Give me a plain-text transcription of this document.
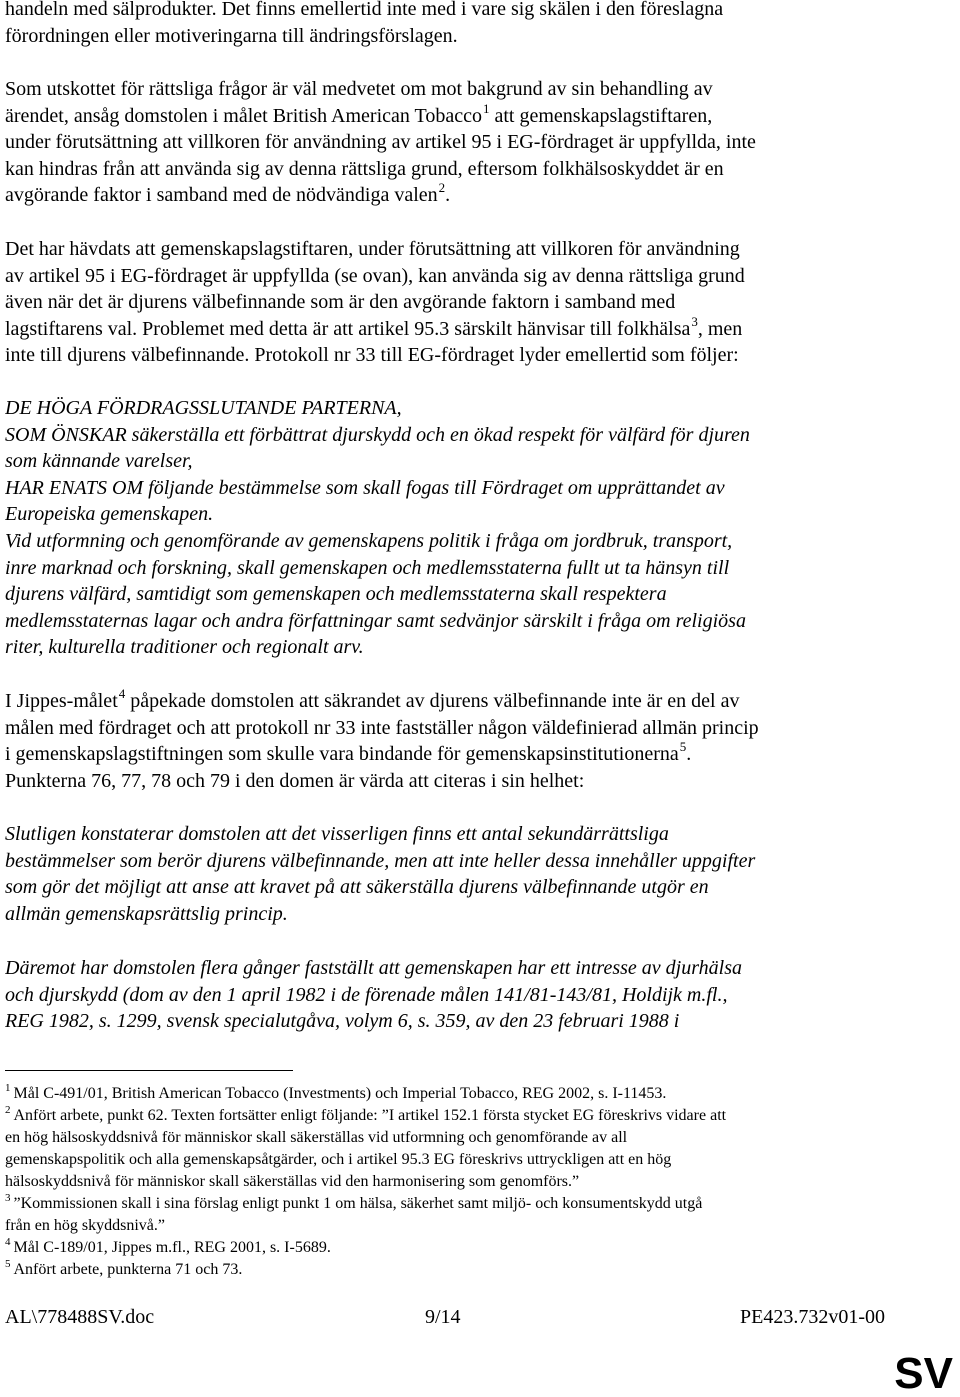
handeln med sälprodukter. Det finns emellertid inte med i vare sig skälen i den föreslagna
förordningen eller motiveringarna till ändringsförslagen.
Som utskottet för rättsliga frågor är väl medvetet om mot bakgrund av sin behandling av
ärendet, ansåg domstolen i målet British American Tobacco$^1$ att gemenskapslagstiftaren,
under förutsättning att villkoren för användning av artikel 95 i EG-fördraget är uppfyllda, inte
kan hindras från att använda sig av denna rättsliga grund, eftersom folkhälsoskyddet är en
avgörande faktor i samband med de nödvändiga valen$^2$.
Det har hävdats att gemenskapslagstiftaren, under förutsättning att villkoren för användning
av artikel 95 i EG-fördraget är uppfyllda (se ovan), kan använda sig av denna rättsliga grund
även när det är djurens välbefinnande som är den avgörande faktorn i samband med
lagstiftarens val. Problemet med detta är att artikel 95.3 särskilt hänvisar till folkhälsa$^3$, men
inte till djurens välbefinnande. Protokoll nr 33 till EG-fördraget lyder emellertid som följer:
DE HÖGA FÖRDRAGSSLUTANDE PARTERNA,
SOM ÖNSKAR säkerställa ett förbättrat djurskydd och en ökad respekt för välfärd för djuren
som kännande varelser,
HAR ENATS OM följande bestämmelse som skall fogas till Fördraget om upprättandet av
Europeiska gemenskapen.
Vid utformning och genomförande av gemenskapens politik i fråga om jordbruk, transport,
inre marknad och forskning, skall gemenskapen och medlemsstaterna fullt ut ta hänsyn till
djurens välfärd, samtidigt som gemenskapen och medlemsstaterna skall respektera
medlemsstaternas lagar och andra författningar samt sedvänjor särskilt i fråga om religiösa
riter, kulturella traditioner och regionalt arv.
I Jippes-målet$^4$ påpekade domstolen att säkrandet av djurens välbefinnande inte är en del av
målen med fördraget och att protokoll nr 33 inte fastställer någon väldefinierad allmän princip
i gemenskapslagstiftningen som skulle vara bindande för gemenskapsinstitutionerna$^5$.
Punkterna 76, 77, 78 och 79 i den domen är värda att citeras i sin helhet:
Slutligen konstaterar domstolen att det visserligen finns ett antal sekundärrättsliga
bestämmelser som berör djurens välbefinnande, men att inte heller dessa innehåller uppgifter
som gör det möjligt att anse att kravet på att säkerställa djurens välbefinnande utgör en
allmän gemenskapsrättslig princip.
Däremot har domstolen flera gånger fastställt att gemenskapen har ett intresse av djurhälsa
och djurskydd (dom av den 1 april 1982 i de förenade målen 141/81-143/81, Holdijk m.fl.,
REG 1982, s. 1299, svensk specialutgåva, volym 6, s. 359, av den 23 februari 1988 i
$^1$ Mål C-491/01, British American Tobacco (Investments) och Imperial Tobacco, REG 2002, s. I-11453.
$^2$ Anfört arbete, punkt 62. Texten fortsätter enligt följande: ”I artikel 152.1 första stycket EG föreskrivs vidare att
en hög hälsoskyddsnivå för människor skall säkerställas vid utformning och genomförande av all
gemenskapspolitik och alla gemenskapsåtgärder, och i artikel 95.3 EG föreskrivs uttryckligen att en hög
hälsoskyddsnivå för människor skall säkerställas vid den harmonisering som genomförs.”
$^3$ ”Kommissionen skall i sina förslag enligt punkt 1 om hälsa, säkerhet samt miljö- och konsumentskydd utgå
från en hög skyddsnivå.”
$^4$ Mål C-189/01, Jippes m.fl., REG 2001, s. I-5689.
$^5$ Anfört arbete, punkterna 71 och 73.
AL\778488SV.doc	9/14	PE423.732v01-00
SV
